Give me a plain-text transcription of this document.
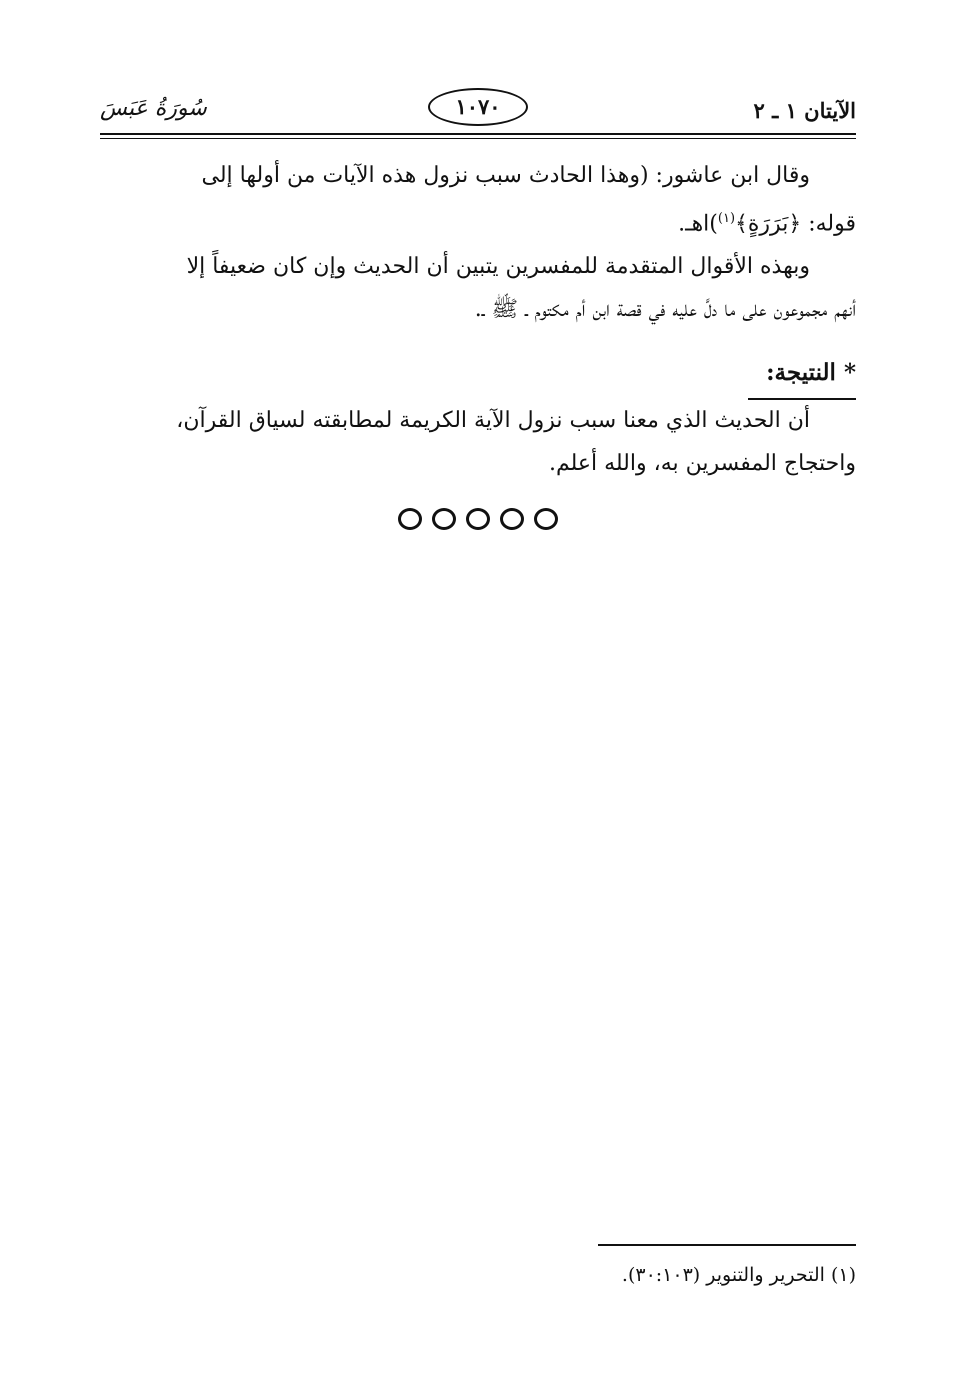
الآيتان ١ ـ ٢
١٠٧٠
سُورَةُ عَبَسَ

وقال ابن عاشور: (وهذا الحادث سبب نزول هذه الآيات من أولها إلى

قوله: ﴿بَرَرَةٍ﴾$^{(١)}$)اهـ.

وبهذه الأقوال المتقدمة للمفسرين يتبين أن الحديث وإن كان ضعيفاً إلا

أنهم مجموعون على ما دلَّ عليه في قصة ابن أم مكتوم ـ ﷺ ـ.

* النتيجة:

أن الحديث الذي معنا سبب نزول الآية الكريمة لمطابقته لسياق القرآن،

واحتجاج المفسرين به، والله أعلم.

(١) التحرير والتنوير (٣٠:١٠٣).
